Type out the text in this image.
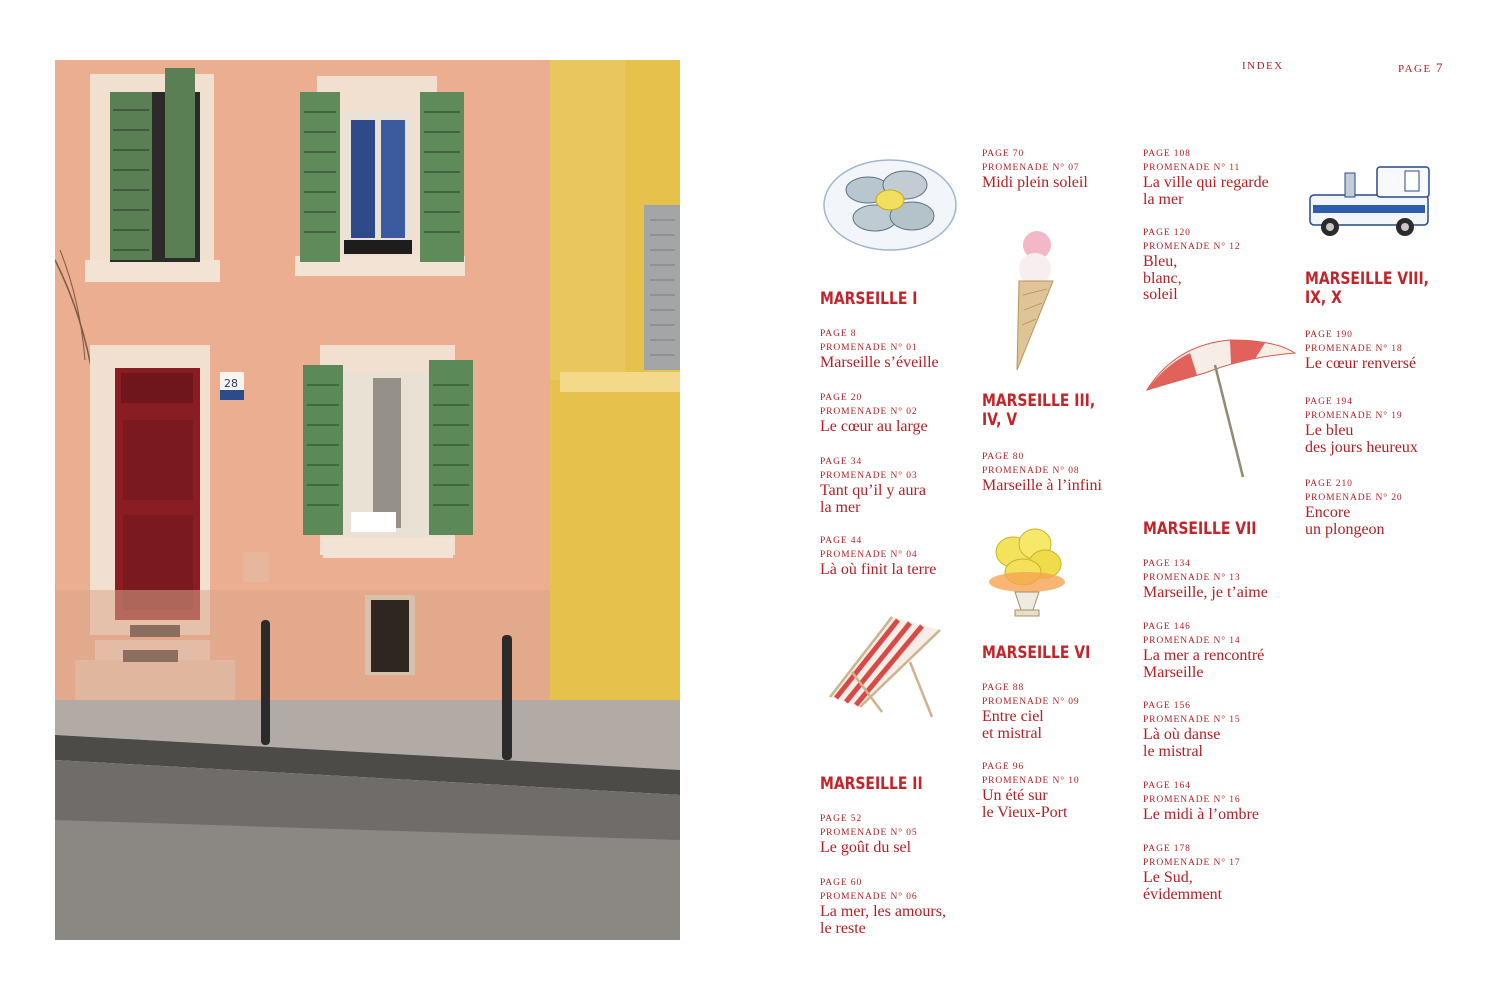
28
INDEX	PAGE 7
MARSEILLE I
MARSEILLE II
MARSEILLE III,
IV, V
MARSEILLE VI
MARSEILLE VII
MARSEILLE VIII,
IX, X
PAGE 8
PROMENADE N° 01
Marseille s’éveille
PAGE 20
PROMENADE N° 02
Le cœur au large
PAGE 34
PROMENADE N° 03
Tant qu’il y aura
la mer
PAGE 44
PROMENADE N° 04
Là où finit la terre
PAGE 52
PROMENADE N° 05
Le goût du sel
PAGE 60
PROMENADE N° 06
La mer, les amours,
le reste
PAGE 70
PROMENADE N° 07
Midi plein soleil
PAGE 80
PROMENADE N° 08
Marseille à l’infini
PAGE 88
PROMENADE N° 09
Entre ciel
et mistral
PAGE 96
PROMENADE N° 10
Un été sur
le Vieux-Port
PAGE 108
PROMENADE N° 11
La ville qui regarde
la mer
PAGE 120
PROMENADE N° 12
Bleu,
blanc,
soleil
PAGE 134
PROMENADE N° 13
Marseille, je t’aime
PAGE 146
PROMENADE N° 14
La mer a rencontré
Marseille
PAGE 156
PROMENADE N° 15
Là où danse
le mistral
PAGE 164
PROMENADE N° 16
Le midi à l’ombre
PAGE 178
PROMENADE N° 17
Le Sud,
évidemment
PAGE 190
PROMENADE N° 18
Le cœur renversé
PAGE 194
PROMENADE N° 19
Le bleu
des jours heureux
PAGE 210
PROMENADE N° 20
Encore
un plongeon
